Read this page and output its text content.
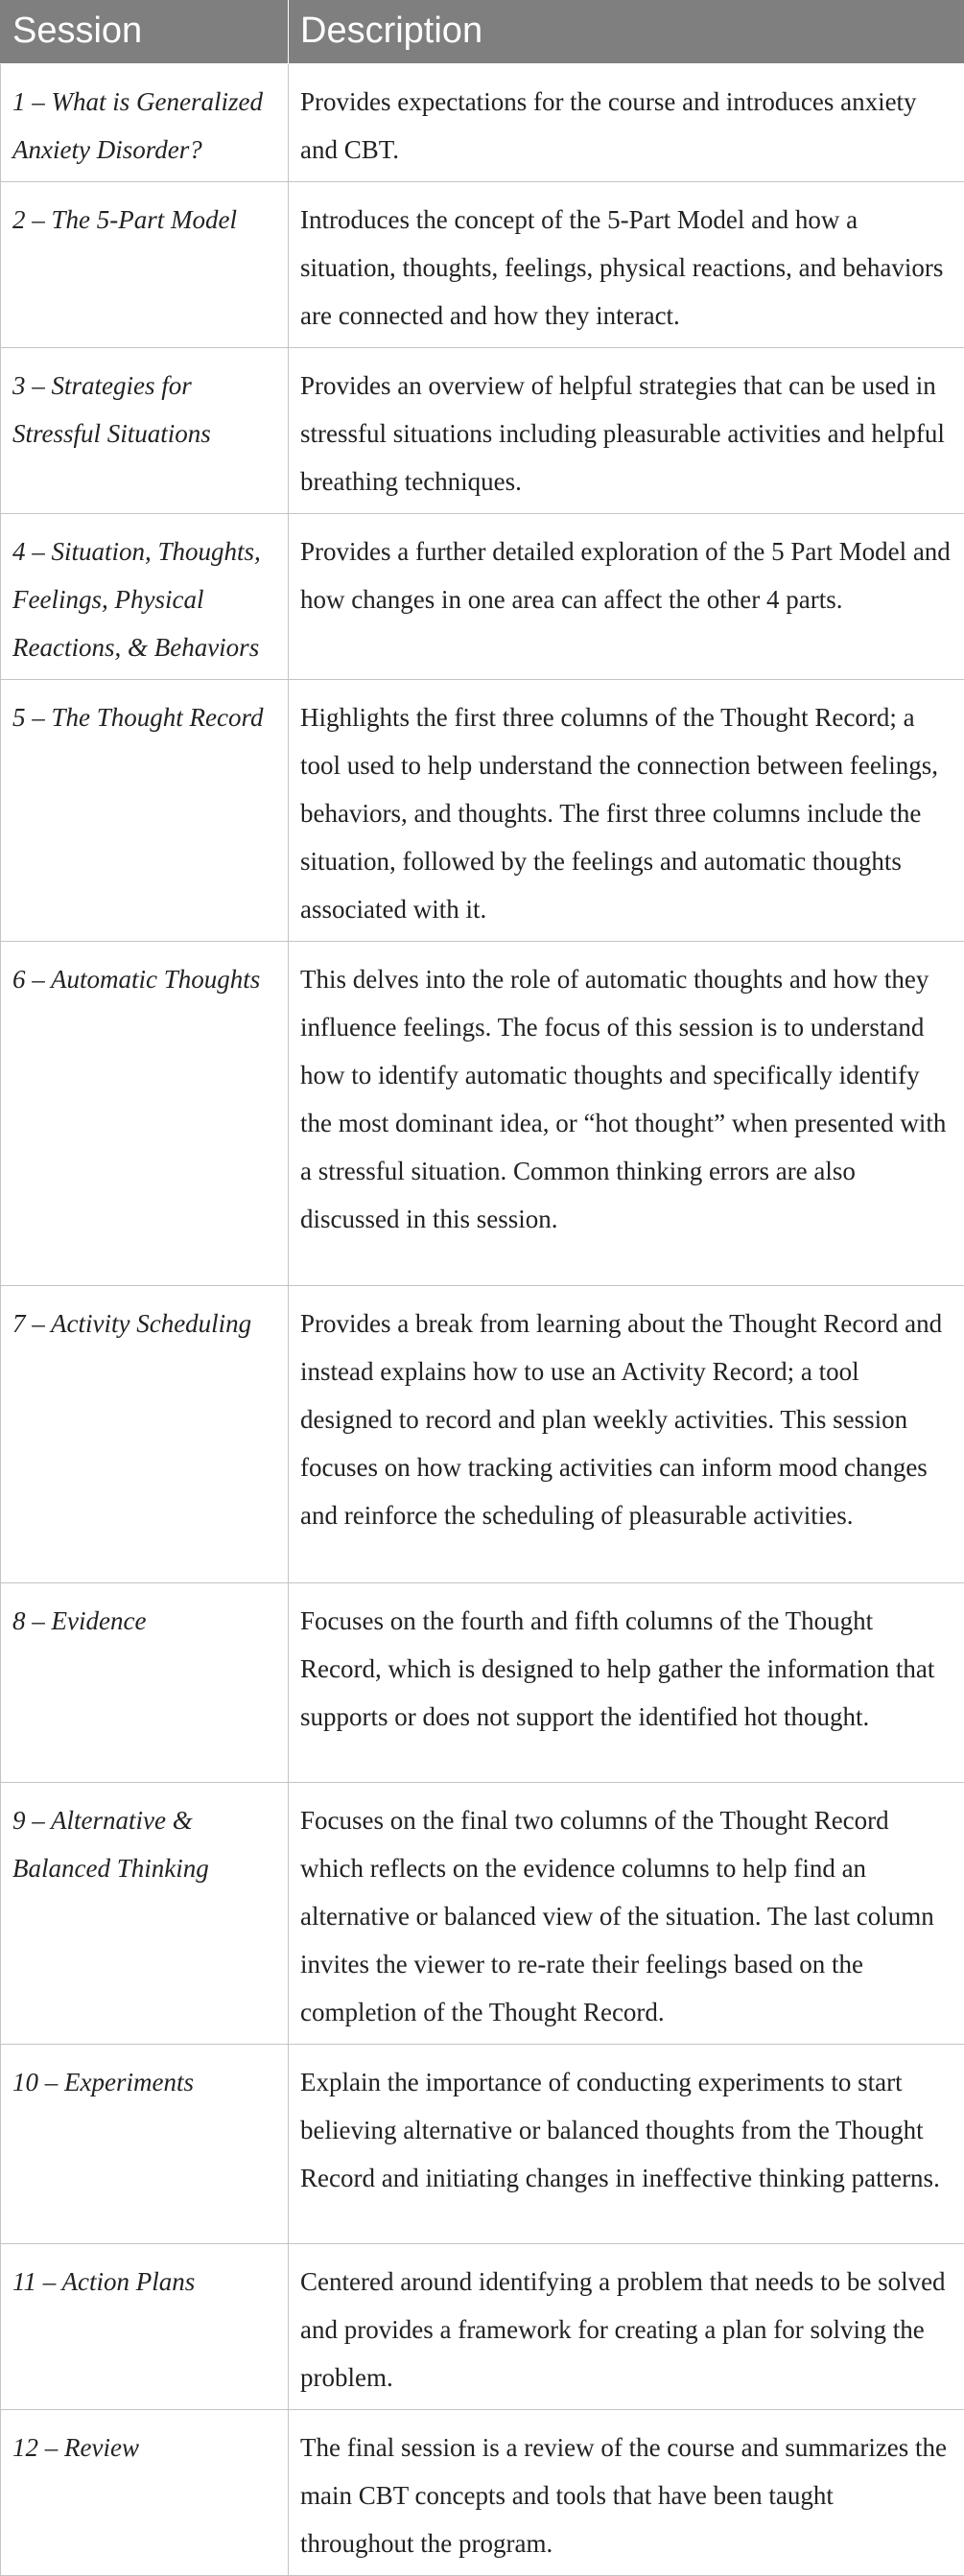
Session	Description
1 – What is Generalized Anxiety Disorder?	Provides expectations for the course and introduces anxiety and CBT.
2 – The 5-Part Model	Introduces the concept of the 5-Part Model and how a situation, thoughts, feelings, physical reactions, and behaviors are connected and how they interact.
3 – Strategies for Stressful Situations	Provides an overview of helpful strategies that can be used in stressful situations including pleasurable activities and helpful breathing techniques.
4 – Situation, Thoughts, Feelings, Physical Reactions, & Behaviors	Provides a further detailed exploration of the 5 Part Model and how changes in one area can affect the other 4 parts.
5 – The Thought Record	Highlights the first three columns of the Thought Record; a tool used to help understand the connection between feelings, behaviors, and thoughts. The first three columns include the situation, followed by the feelings and automatic thoughts associated with it.
6 – Automatic Thoughts	This delves into the role of automatic thoughts and how they influence feelings. The focus of this session is to understand how to identify automatic thoughts and specifically identify the most dominant idea, or “hot thought” when presented with a stressful situation. Common thinking errors are also discussed in this session.
7 – Activity Scheduling	Provides a break from learning about the Thought Record and instead explains how to use an Activity Record; a tool designed to record and plan weekly activities. This session focuses on how tracking activities can inform mood changes and reinforce the scheduling of pleasurable activities.
8 – Evidence	Focuses on the fourth and fifth columns of the Thought Record, which is designed to help gather the information that supports or does not support the identified hot thought.
9 – Alternative & Balanced Thinking	Focuses on the final two columns of the Thought Record which reflects on the evidence columns to help find an alternative or balanced view of the situation. The last column invites the viewer to re-rate their feelings based on the completion of the Thought Record.
10 – Experiments	Explain the importance of conducting experiments to start believing alternative or balanced thoughts from the Thought Record and initiating changes in ineffective thinking patterns.
11 – Action Plans	Centered around identifying a problem that needs to be solved and provides a framework for creating a plan for solving the problem.
12 – Review	The final session is a review of the course and summarizes the main CBT concepts and tools that have been taught throughout the program.
